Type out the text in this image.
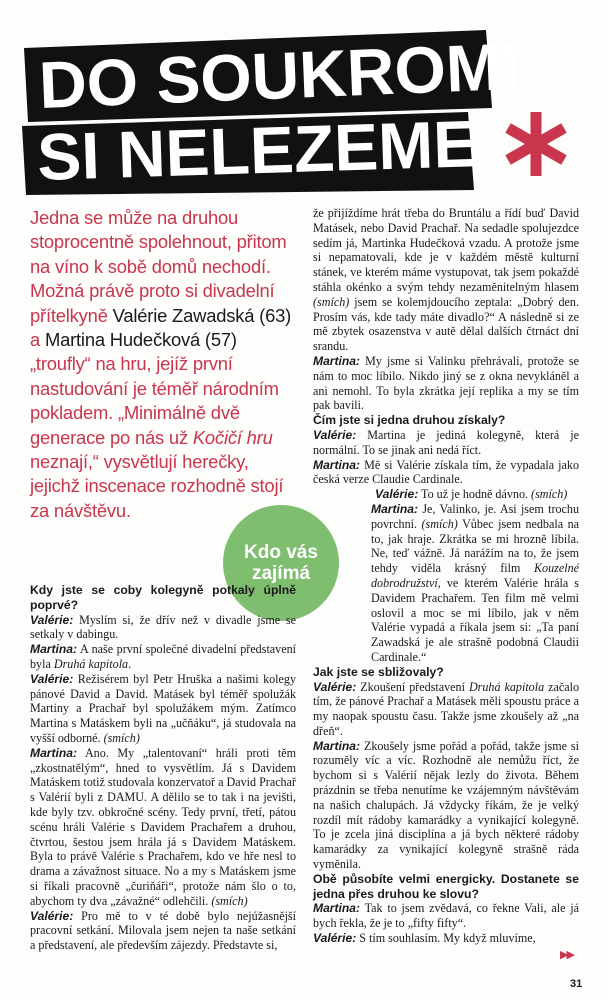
DO SOUKROMÍ
SI NELEZEME
Jedna se může na druhou stoprocentně spolehnout, přitom na víno k sobě domů nechodí. Možná právě proto si divadelní přítelkyně Valérie Zawadská (63) a Martina Hudečková (57) „troufly“ na hru, jejíž první nastudování je téměř národním pokladem. „Minimálně dvě generace po nás už Kočičí hru neznají,“ vysvětlují herečky, jejichž inscenace rozhodně stojí za návštěvu.
Kdo vás
zajímá

Kdy jste se coby kolegyně potkaly úplně poprvé?

Valérie: Myslím si, že dřív než v divadle jsme se setkaly v dabingu.

Martina: A naše první společné divadelní představení byla Druhá kapitola.

Valérie: Režisérem byl Petr Hruška a našimi kolegy pánové David a David. Matásek byl téměř spolužák Martiny a Prachař byl spolužákem mým. Zatímco Martina s Matáskem byli na „učňáku“, já studovala na vyšší odborné. (smích)

Martina: Ano. My „talentovaní“ hráli proti těm „zkostnatělým“, hned to vysvětlím. Já s Davidem Matáskem totiž studovala konzervatoř a David Prachař s Valérií byli z DAMU. A dělilo se to tak i na jevišti, kde byly tzv. obkročné scény. Tedy první, třetí, pátou scénu hráli Valérie s Davidem Prachařem a druhou, čtvrtou, šestou jsem hrála já s Davidem Matáskem. Byla to právě Valérie s Prachařem, kdo ve hře nesl to drama a závažnost situace. No a my s Matáskem jsme si říkali pracovně „čuriňáři“, protože nám šlo o to, abychom ty dva „závažné“ odlehčili. (smích)

Valérie: Pro mě to v té době bylo nejúžasnější pracovní setkání. Milovala jsem nejen ta naše setkání a představení, ale především zájezdy. Představte si,

že přijíždíme hrát třeba do Bruntálu a řídí buď David Matásek, nebo David Prachař. Na sedadle spolujezdce sedím já, Martinka Hudečková vzadu. A protože jsme si nepamatovali, kde je v každém městě kulturní stánek, ve kterém máme vystupovat, tak jsem pokaždé stáhla okénko a svým tehdy nezaměnitelným hlasem (smích) jsem se kolemjdoucího zeptala: „Dobrý den. Prosím vás, kde tady máte divadlo?“ A následně si ze mě zbytek osazenstva v autě dělal dalších čtrnáct dní srandu.

Martina: My jsme si Valinku přehrávali, protože se nám to moc líbilo. Nikdo jiný se z okna nevykláněl a ani nemohl. To byla zkrátka její replika a my se tím pak bavili.

Čím jste si jedna druhou získaly?

Valérie: Martina je jediná kolegyně, která je normální. To se jinak ani nedá říct.

Martina: Mě si Valérie získala tím, že vypadala jako česká verze Claudie Cardinale.

Valérie: To už je hodně dávno. (smích)

Martina: Je, Valinko, je. Asi jsem trochu povrchní. (smích) Vůbec jsem nedbala na to, jak hraje. Zkrátka se mi hrozně líbila. Ne, teď vážně. Já narážím na to, že jsem tehdy viděla krásný film Kouzelné dobrodružství, ve kterém Valérie hrála s Davidem Prachařem. Ten film mě velmi oslovil a moc se mi líbilo, jak v něm Valérie vypadá a říkala jsem si: „Ta paní Zawadská je ale strašně podobná Claudii Cardinale.“

Jak jste se sbližovaly?

Valérie: Zkoušení představení Druhá kapitola začalo tím, že pánové Prachař a Matásek měli spoustu práce a my naopak spoustu času. Takže jsme zkoušely až „na dřeň“.

Martina: Zkoušely jsme pořád a pořád, takže jsme si rozuměly víc a víc. Rozhodně ale nemůžu říct, že bychom si s Valérií nějak lezly do života. Během prázdnin se třeba nenutíme ke vzájemným návštěvám na našich chalupách. Já vždycky říkám, že je velký rozdíl mít rádoby kamarádky a vynikající kolegyně. To je zcela jiná disciplína a já bych některé rádoby kamarádky za vynikající kolegyně strašně ráda vyměnila.

Obě působíte velmi energicky. Dostanete se jedna přes druhou ke slovu?

Martina: Tak to jsem zvědavá, co řekne Vali, ale já bych řekla, že je to „fifty fifty“.

Valérie: S tím souhlasím. My když mluvíme,

▶▶
31
